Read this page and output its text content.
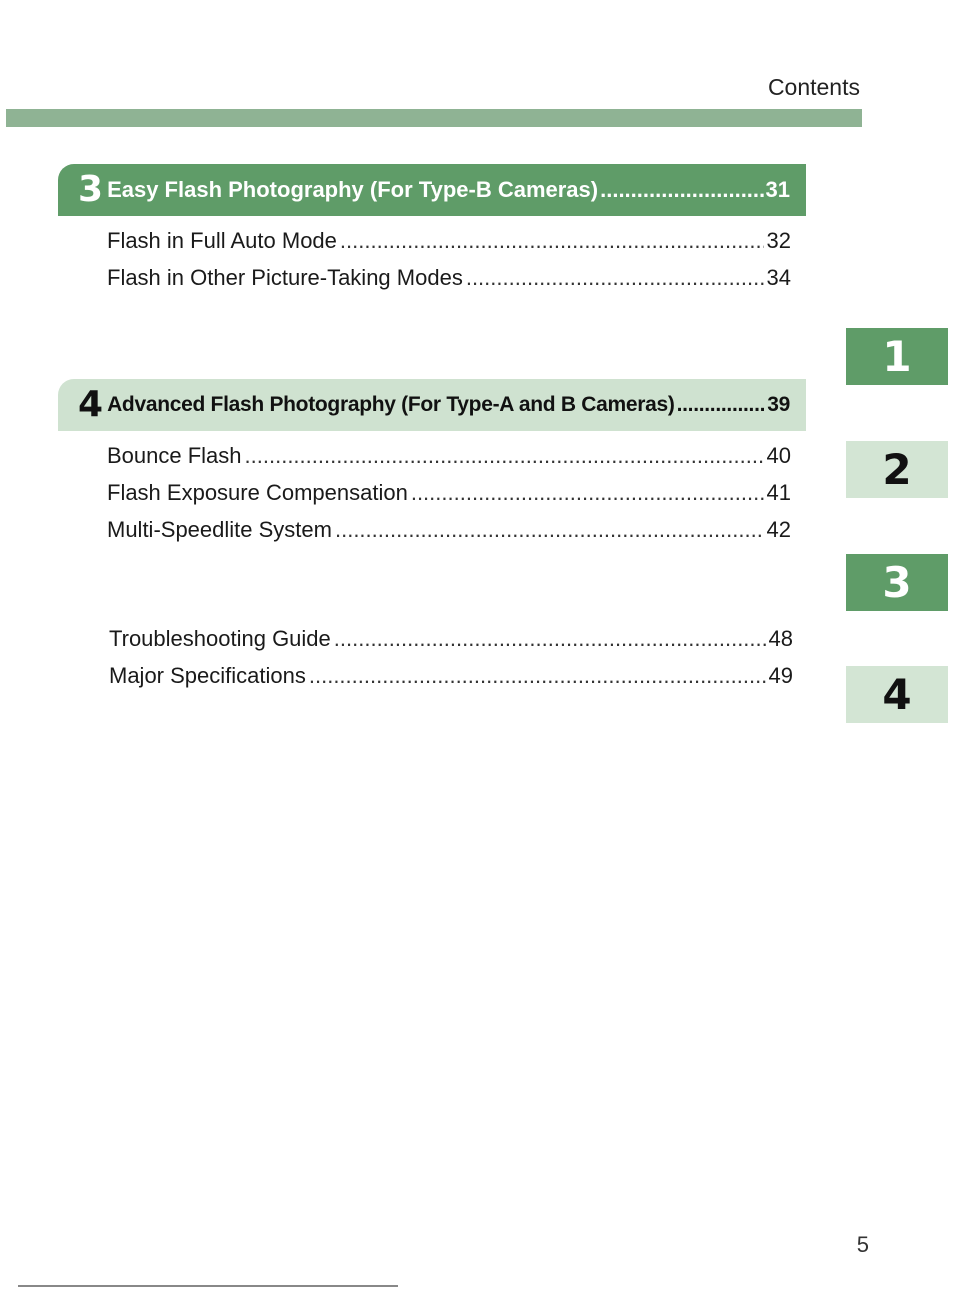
Contents
3 Easy Flash Photography (For Type-B Cameras) .....	31
Flash in Full Auto Mode .....	32
Flash in Other Picture-Taking Modes .....	34
4 Advanced Flash Photography (For Type-A and B Cameras) .....	39
Bounce Flash .....	40
Flash Exposure Compensation .....	41
Multi-Speedlite System .....	42
Troubleshooting Guide .....	48
Major Specifications .....	49
1
2
3
4
5
